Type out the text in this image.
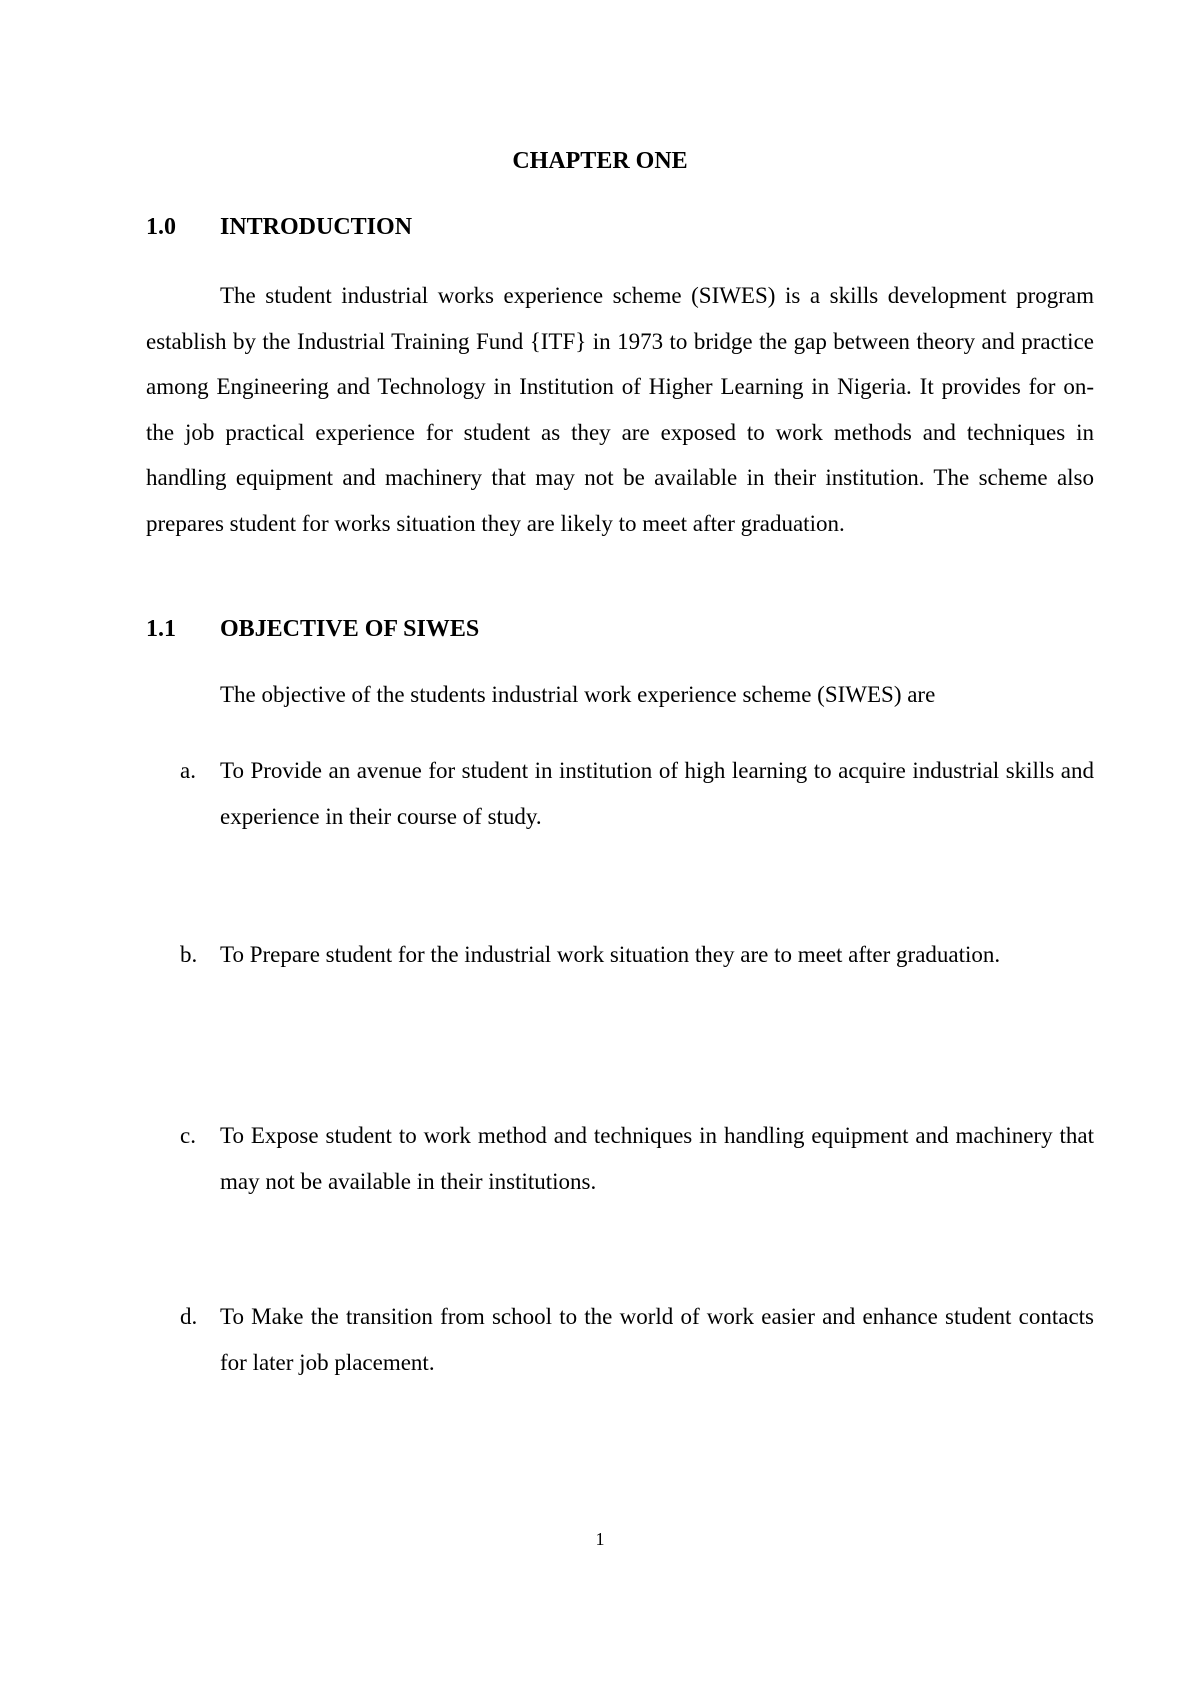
CHAPTER ONE
1.0 INTRODUCTION

The student industrial works experience scheme (SIWES) is a skills development program establish by the Industrial Training Fund {ITF} in 1973 to bridge the gap between theory and practice among Engineering and Technology in Institution of Higher Learning in Nigeria. It provides for on- the job practical experience for student as they are exposed to work methods and techniques in handling equipment and machinery that may not be available in their institution. The scheme also prepares student for works situation they are likely to meet after graduation.

1.1 OBJECTIVE OF SIWES

The objective of the students industrial work experience scheme (SIWES) are

a.	To Provide an avenue for student in institution of high learning to acquire industrial skills and experience in their course of study.
b. To Prepare student for the industrial work situation they are to meet after graduation.
c.	To Expose student to work method and techniques in handling equipment and machinery that may not be available in their institutions.
d. To Make the transition from school to the world of work easier and enhance student contacts for later job placement.

1
